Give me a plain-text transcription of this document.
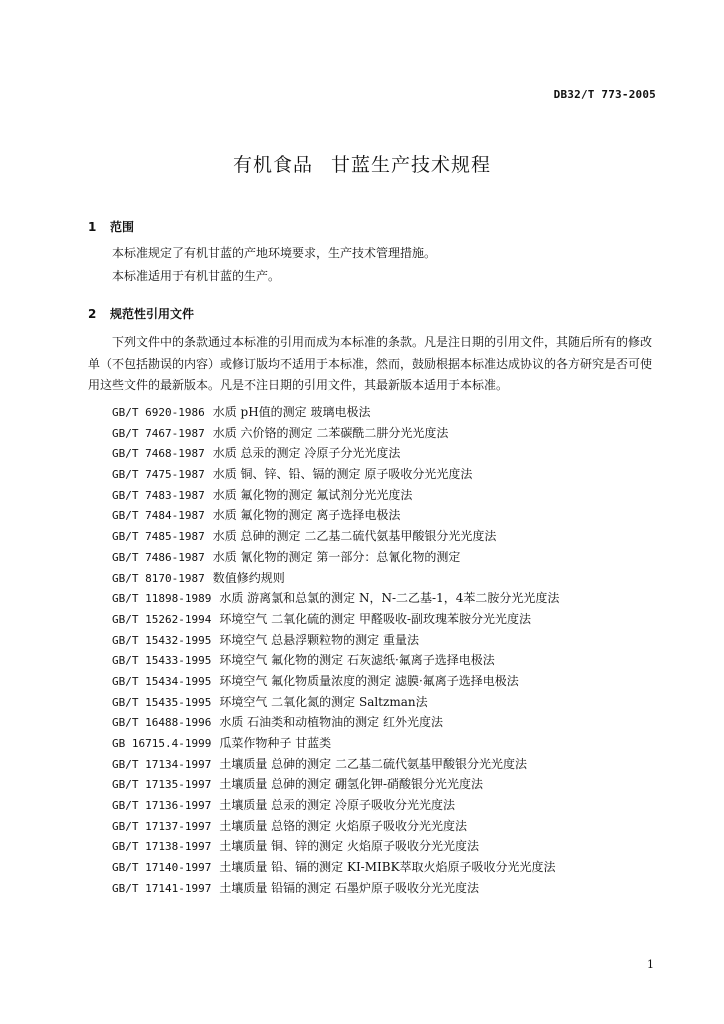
DB32/T 773-2005
有机食品 甘蓝生产技术规程
1 范围
本标准规定了有机甘蓝的产地环境要求，生产技术管理措施。
本标准适用于有机甘蓝的生产。
2 规范性引用文件
下列文件中的条款通过本标准的引用而成为本标准的条款。凡是注日期的引用文件，其随后所有的修改单（不包括勘误的内容）或修订版均不适用于本标准，然而，鼓励根据本标准达成协议的各方研究是否可使用这些文件的最新版本。凡是不注日期的引用文件，其最新版本适用于本标准。
GB/T 6920-1986 水质 pH值的测定 玻璃电极法
GB/T 7467-1987 水质 六价铬的测定 二苯碳酰二肼分光光度法
GB/T 7468-1987 水质 总汞的测定 冷原子分光光度法
GB/T 7475-1987 水质 铜、锌、铅、镉的测定 原子吸收分光光度法
GB/T 7483-1987 水质 氟化物的测定 氟试剂分光光度法
GB/T 7484-1987 水质 氟化物的测定 离子选择电极法
GB/T 7485-1987 水质 总砷的测定 二乙基二硫代氨基甲酸银分光光度法
GB/T 7486-1987 水质 氰化物的测定 第一部分：总氰化物的测定
GB/T 8170-1987 数值修约规则
GB/T 11898-1989 水质 游离氯和总氯的测定 N，N-二乙基-1，4苯二胺分光光度法
GB/T 15262-1994 环境空气 二氧化硫的测定 甲醛吸收-副玫瑰苯胺分光光度法
GB/T 15432-1995 环境空气 总悬浮颗粒物的测定 重量法
GB/T 15433-1995 环境空气 氟化物的测定 石灰滤纸·氟离子选择电极法
GB/T 15434-1995 环境空气 氟化物质量浓度的测定 滤膜·氟离子选择电极法
GB/T 15435-1995 环境空气 二氧化氮的测定 Saltzman法
GB/T 16488-1996 水质 石油类和动植物油的测定 红外光度法
GB 16715.4-1999 瓜菜作物种子 甘蓝类
GB/T 17134-1997 土壤质量 总砷的测定 二乙基二硫代氨基甲酸银分光光度法
GB/T 17135-1997 土壤质量 总砷的测定 硼氢化钾-硝酸银分光光度法
GB/T 17136-1997 土壤质量 总汞的测定 冷原子吸收分光光度法
GB/T 17137-1997 土壤质量 总铬的测定 火焰原子吸收分光光度法
GB/T 17138-1997 土壤质量 铜、锌的测定 火焰原子吸收分光光度法
GB/T 17140-1997 土壤质量 铅、镉的测定 KI-MIBK萃取火焰原子吸收分光光度法
GB/T 17141-1997 土壤质量 铅镉的测定 石墨炉原子吸收分光光度法
1
